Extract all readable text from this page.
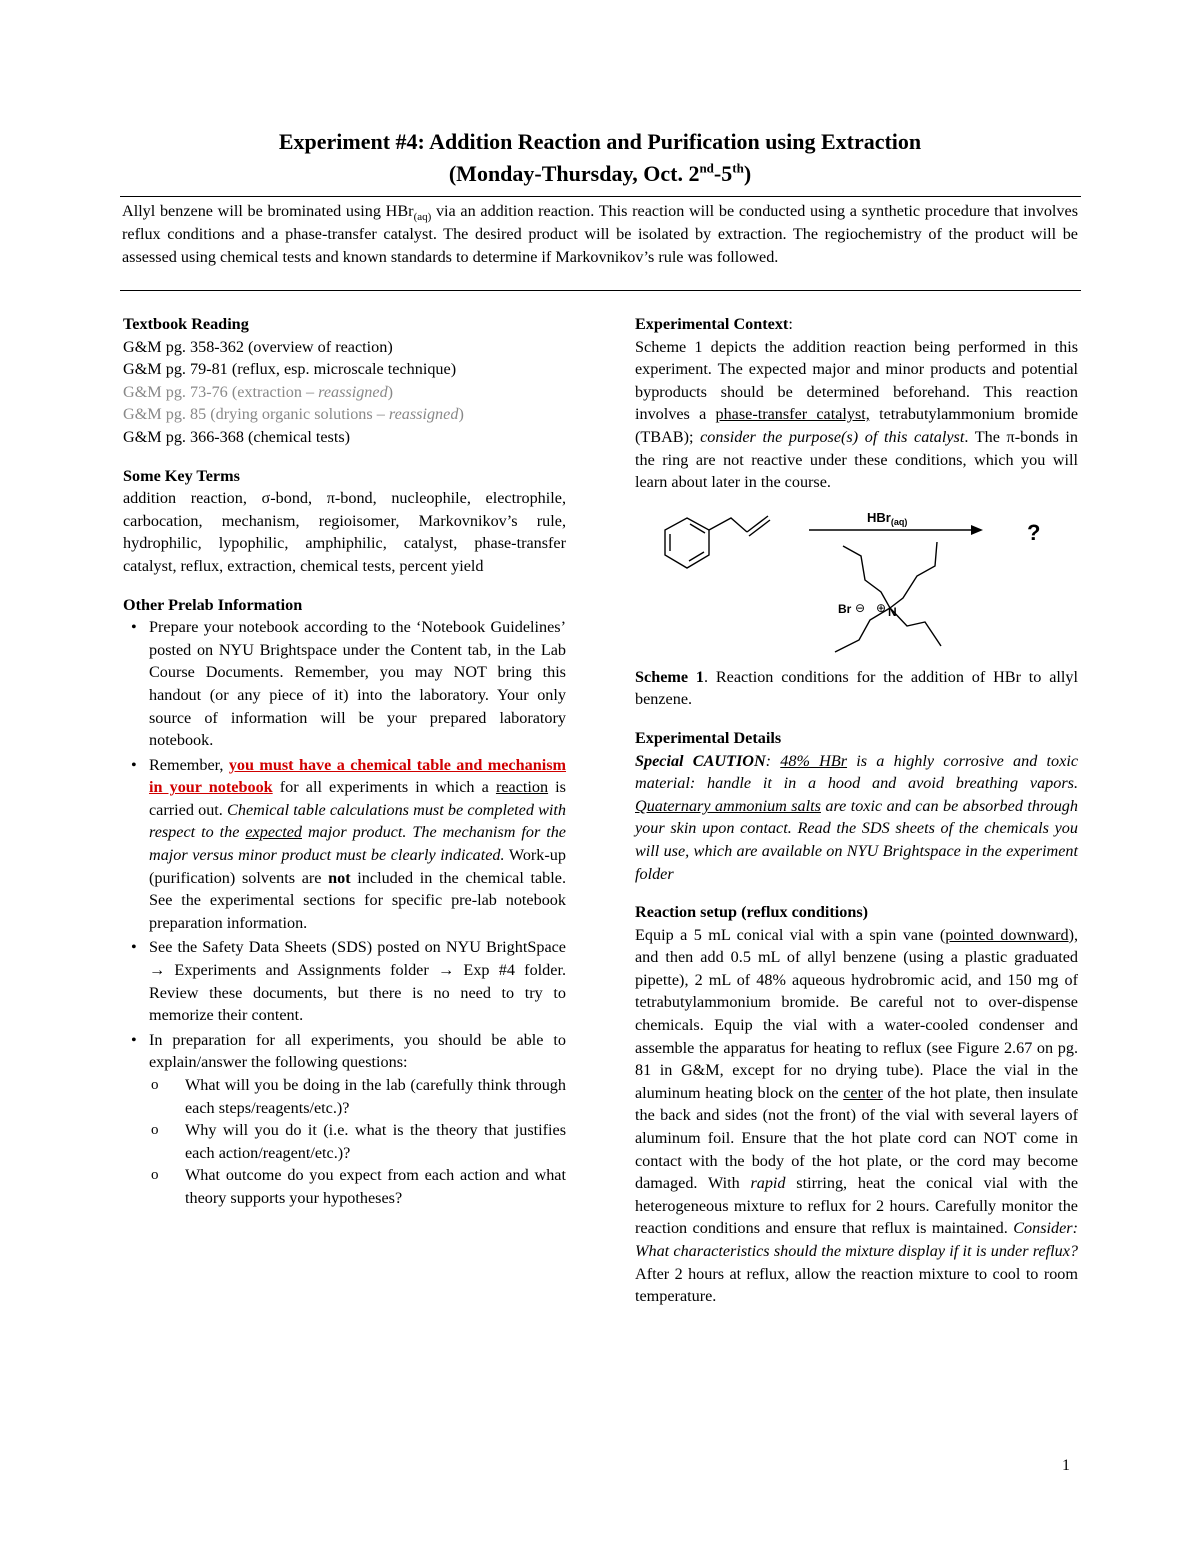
Experiment #4: Addition Reaction and Purification using Extraction
(Monday-Thursday, Oct. 2nd-5th)
Allyl benzene will be brominated using HBr$_{(aq)}$ via an addition reaction. This reaction will be conducted using a synthetic procedure that involves reflux conditions and a phase-transfer catalyst. The desired product will be isolated by extraction. The regiochemistry of the product will be assessed using chemical tests and known standards to determine if Markovnikov’s rule was followed.
Textbook Reading
G&M pg. 358-362 (overview of reaction)
G&M pg. 79-81 (reflux, esp. microscale technique)
G&M pg. 73-76 (extraction – reassigned)
G&M pg. 85 (drying organic solutions – reassigned)
G&M pg. 366-368 (chemical tests)
Some Key Terms
addition reaction, σ-bond, π-bond, nucleophile, electrophile, carbocation, mechanism, regioisomer, Markovnikov’s rule, hydrophilic, lypophilic, amphiphilic, catalyst, phase-transfer catalyst, reflux, extraction, chemical tests, percent yield
Other Prelab Information
• Prepare your notebook according to the ‘Notebook Guidelines’ posted on NYU Brightspace under the Content tab, in the Lab Course Documents. Remember, you may NOT bring this handout (or any piece of it) into the laboratory. Your only source of information will be your prepared laboratory notebook.
• Remember, you must have a chemical table and mechanism in your notebook for all experiments in which a reaction is carried out. Chemical table calculations must be completed with respect to the expected major product. The mechanism for the major versus minor product must be clearly indicated. Work-up (purification) solvents are not included in the chemical table. See the experimental sections for specific pre-lab notebook preparation information.
• See the Safety Data Sheets (SDS) posted on NYU BrightSpace → Experiments and Assignments folder → Exp #4 folder. Review these documents, but there is no need to try to memorize their content.
• In preparation for all experiments, you should be able to explain/answer the following questions:
o What will you be doing in the lab (carefully think through each steps/reagents/etc.)?
o Why will you do it (i.e. what is the theory that justifies each action/reagent/etc.)?
o What outcome do you expect from each action and what theory supports your hypotheses?
Experimental Context:
Scheme 1 depicts the addition reaction being performed in this experiment. The expected major and minor products and potential byproducts should be determined beforehand. This reaction involves a phase-transfer catalyst, tetrabutylammonium bromide (TBAB); consider the purpose(s) of this catalyst. The π-bonds in the ring are not reactive under these conditions, which you will learn about later in the course.
HBr$_{(aq)}$	?
Br ⊖ ⊕ N
Scheme 1. Reaction conditions for the addition of HBr to allyl benzene.
Experimental Details
Special CAUTION: 48% HBr is a highly corrosive and toxic material: handle it in a hood and avoid breathing vapors. Quaternary ammonium salts are toxic and can be absorbed through your skin upon contact. Read the SDS sheets of the chemicals you will use, which are available on NYU Brightspace in the experiment folder
Reaction setup (reflux conditions)
Equip a 5 mL conical vial with a spin vane (pointed downward), and then add 0.5 mL of allyl benzene (using a plastic graduated pipette), 2 mL of 48% aqueous hydrobromic acid, and 150 mg of tetrabutylammonium bromide. Be careful not to over-dispense chemicals. Equip the vial with a water-cooled condenser and assemble the apparatus for heating to reflux (see Figure 2.67 on pg. 81 in G&M, except for no drying tube). Place the vial in the aluminum heating block on the center of the hot plate, then insulate the back and sides (not the front) of the vial with several layers of aluminum foil. Ensure that the hot plate cord can NOT come in contact with the body of the hot plate, or the cord may become damaged. With rapid stirring, heat the conical vial with the heterogeneous mixture to reflux for 2 hours. Carefully monitor the reaction conditions and ensure that reflux is maintained. Consider: What characteristics should the mixture display if it is under reflux? After 2 hours at reflux, allow the reaction mixture to cool to room temperature.
1
